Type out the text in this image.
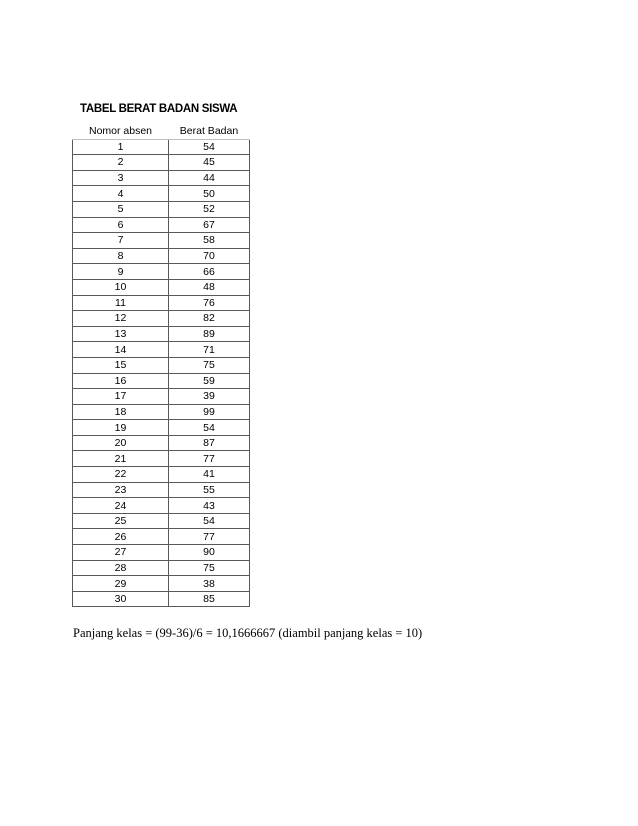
TABEL BERAT BADAN SISWA
Nomor absen	Berat Badan
1	54
2	45
3	44
4	50
5	52
6	67
7	58
8	70
9	66
10	48
11	76
12	82
13	89
14	71
15	75
16	59
17	39
18	99
19	54
20	87
21	77
22	41
23	55
24	43
25	54
26	77
27	90
28	75
29	38
30	85
Panjang kelas = (99-36)/6 = 10,1666667 (diambil panjang kelas = 10)
